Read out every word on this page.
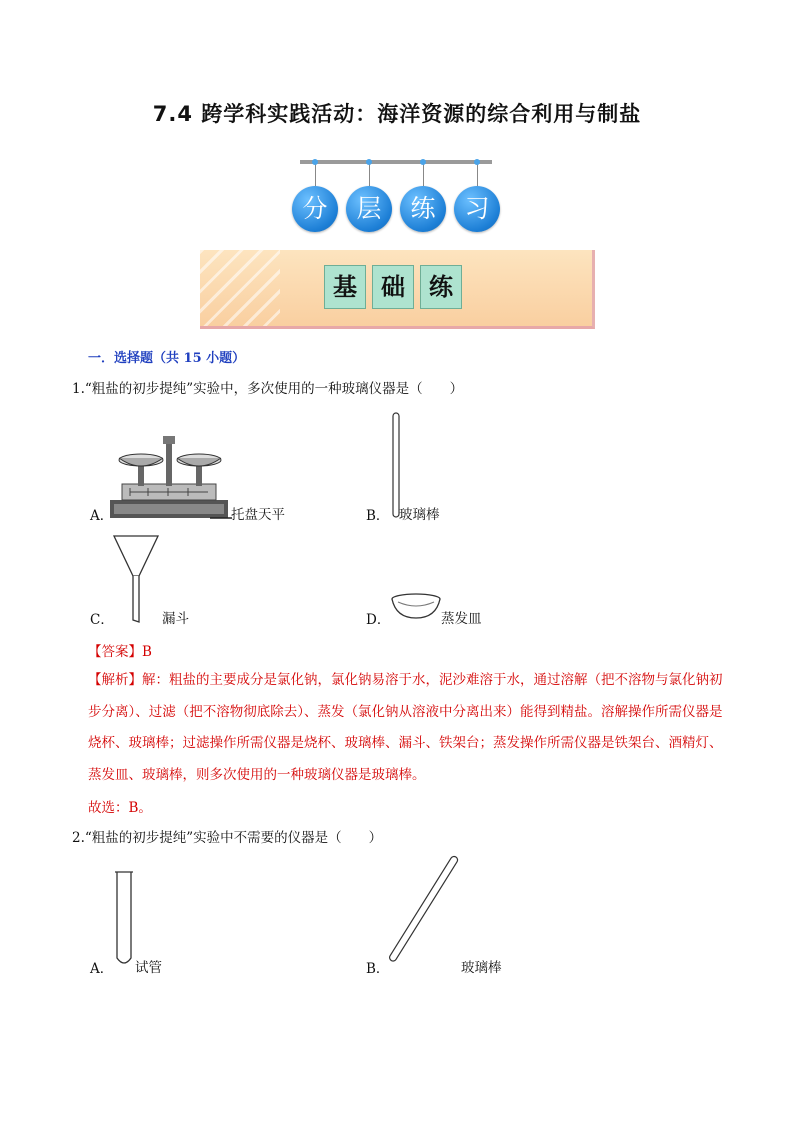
7.4 跨学科实践活动：海洋资源的综合利用与制盐
分	层	练	习
基	础	练
一．选择题（共 15 小题）
1.“粗盐的初步提纯”实验中，多次使用的一种玻璃仪器是（　　）
A．	托盘天平	B． 玻璃棒
C．	漏斗	D．	蒸发皿
【答案】B
【解析】解：粗盐的主要成分是氯化钠，氯化钠易溶于水，泥沙难溶于水，通过溶解（把不溶物与氯化钠初步分离）、过滤（把不溶物彻底除去）、蒸发（氯化钠从溶液中分离出来）能得到精盐。溶解操作所需仪器是烧杯、玻璃棒；过滤操作所需仪器是烧杯、玻璃棒、漏斗、铁架台；蒸发操作所需仪器是铁架台、酒精灯、蒸发皿、玻璃棒，则多次使用的一种玻璃仪器是玻璃棒。
故选：B。
2.“粗盐的初步提纯”实验中不需要的仪器是（　　）
A． 试管	B．	玻璃棒
